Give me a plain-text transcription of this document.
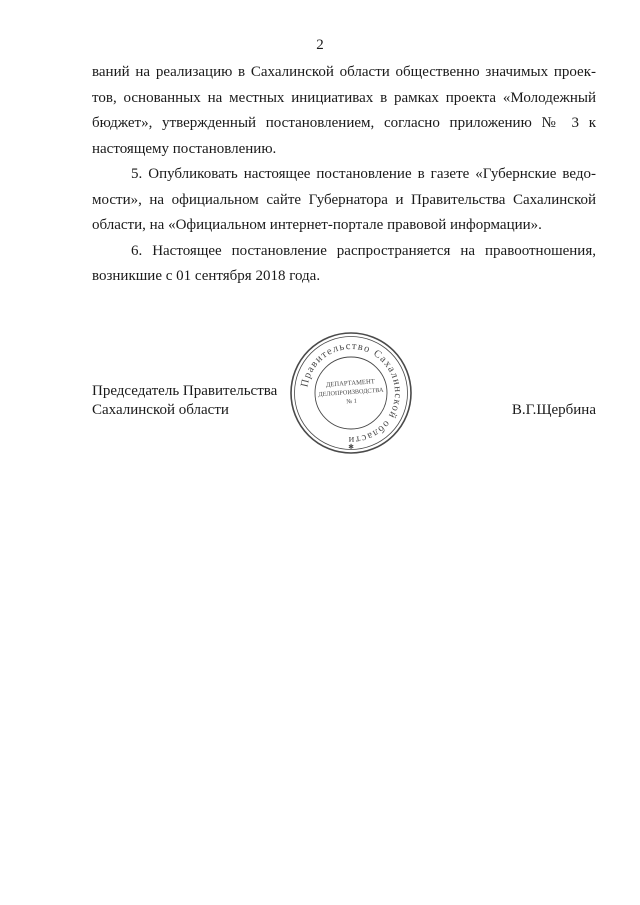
2

ваний на реализацию в Сахалинской области общественно значимых проек- тов, основанных на местных инициативах в рамках проекта «Молодежный бюджет», утвержденный постановлением, согласно приложению № 3 к настоящему постановлению.

5. Опубликовать настоящее постановление в газете «Губернские ведо- мости», на официальном сайте Губернатора и Правительства Сахалинской области, на «Официальном интернет-портале правовой информации».

6. Настоящее постановление распространяется на правоотношения, возникшие с 01 сентября 2018 года.

Председатель Правительства
Сахалинской области	В.Г.Щербина
Правительство Сахалинской области
ДЕПАРТАМЕНТ
ДЕЛОПРОИЗВОДСТВА
№ 1
✱
